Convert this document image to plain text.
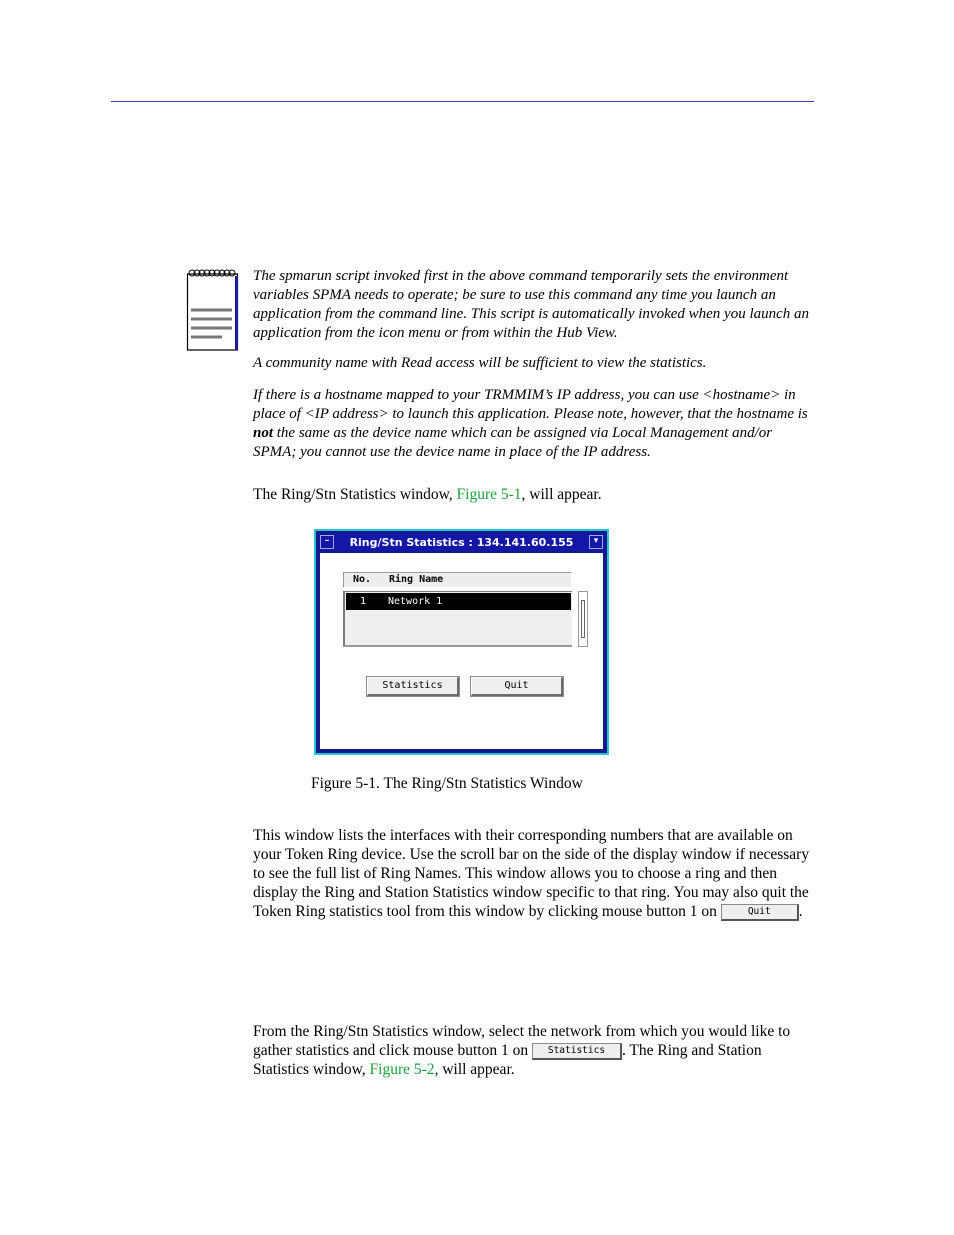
The spmarun script invoked first in the above command temporarily sets the environment variables SPMA needs to operate; be sure to use this command any time you launch an application from the command line. This script is automatically invoked when you launch an application from the icon menu or from within the Hub View.

A community name with Read access will be sufficient to view the statistics.

If there is a hostname mapped to your TRMMIM’s IP address, you can use <hostname> in place of <IP address> to launch this application. Please note, however, that the hostname is not the same as the device name which can be assigned via Local Management and/or SPMA; you cannot use the device name in place of the IP address.

The Ring/Stn Statistics window, Figure 5-1, will appear.

–	Ring/Stn Statistics : 134.141.60.155	▾
No. Ring Name
1 Network 1
Statistics	Quit

Figure 5-1. The Ring/Stn Statistics Window

This window lists the interfaces with their corresponding numbers that are available on your Token Ring device. Use the scroll bar on the side of the display window if necessary to see the full list of Ring Names. This window allows you to choose a ring and then display the Ring and Station Statistics window specific to that ring. You may also quit the Token Ring statistics tool from this window by clicking mouse button 1 on	Quit .

From the Ring/Stn Statistics window, select the network from which you would like to gather statistics and click mouse button 1 on Statistics . The Ring and Station Statistics window, Figure 5-2, will appear.
